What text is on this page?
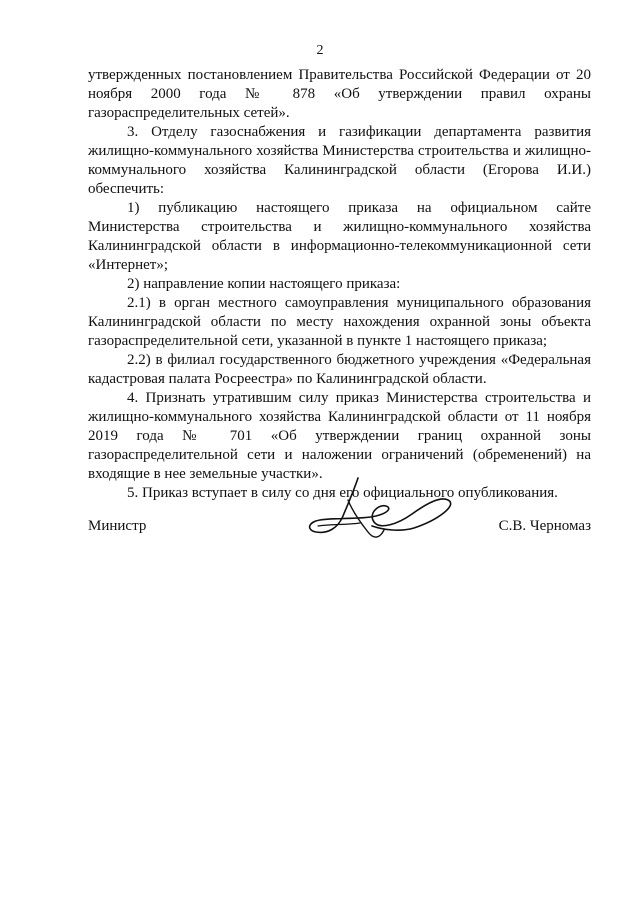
2

утвержденных постановлением Правительства Российской Федерации от 20 ноября 2000 года № 878 «Об утверждении правил охраны газораспределительных сетей».

3. Отделу газоснабжения и газификации департамента развития жилищно-коммунального хозяйства Министерства строительства и жилищно-коммунального хозяйства Калининградской области (Егорова И.И.) обеспечить:

1) публикацию настоящего приказа на официальном сайте Министерства строительства и жилищно-коммунального хозяйства Калининградской области в информационно-телекоммуникационной сети «Интернет»;

2) направление копии настоящего приказа:

2.1) в орган местного самоуправления муниципального образования Калининградской области по месту нахождения охранной зоны объекта газораспределительной сети, указанной в пункте 1 настоящего приказа;

2.2) в филиал государственного бюджетного учреждения «Федеральная кадастровая палата Росреестра» по Калининградской области.

4. Признать утратившим силу приказ Министерства строительства и жилищно-коммунального хозяйства Калининградской области от 11 ноября 2019 года № 701 «Об утверждении границ охранной зоны газораспределительной сети и наложении ограничений (обременений) на входящие в нее земельные участки».

5. Приказ вступает в силу со дня его официального опубликования.

Министр	С.В. Черномаз
